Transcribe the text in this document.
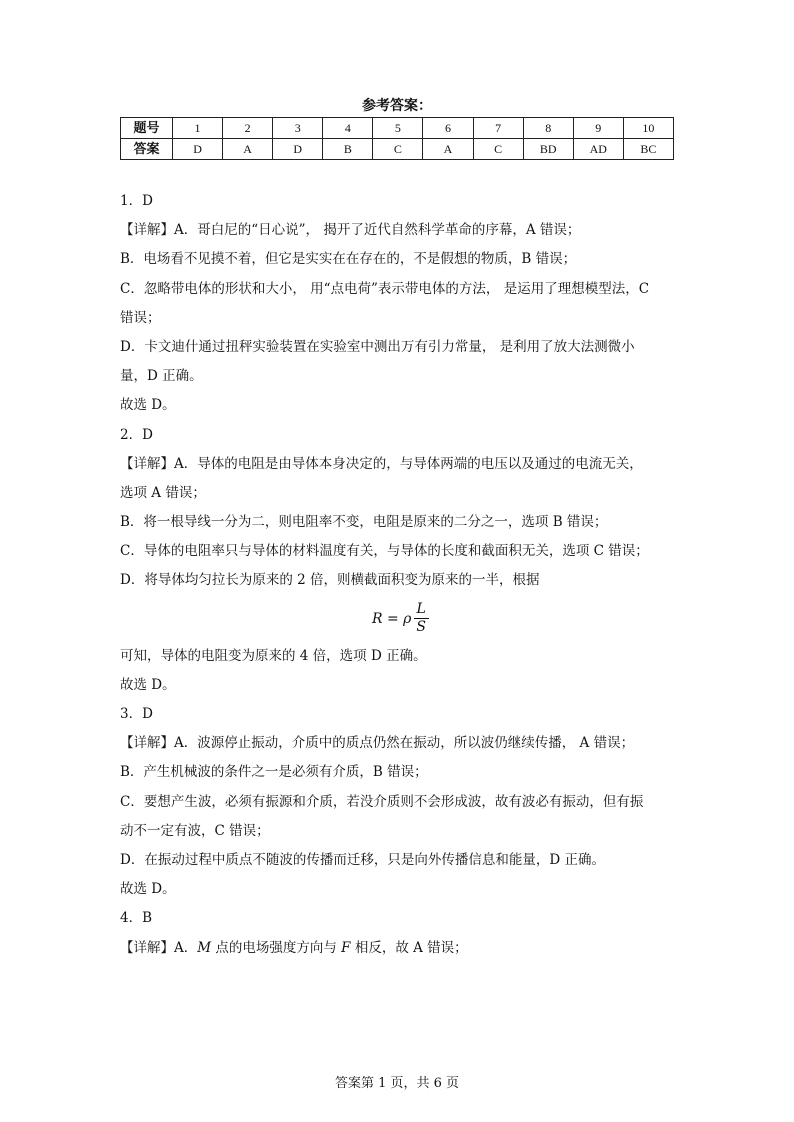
参考答案：
题号	1	2	3	4	5	6	7	8	9	10
答案	D	A	D	B	C	A	C	BD	AD	BC
1．D
【详解】A．哥白尼的“日心说”， 揭开了近代自然科学革命的序幕，A 错误；
B．电场看不见摸不着，但它是实实在在存在的，不是假想的物质，B 错误；
C．忽略带电体的形状和大小， 用“点电荷”表示带电体的方法， 是运用了理想模型法，C
错误；
D．卡文迪什通过扭秤实验装置在实验室中测出万有引力常量， 是利用了放大法测微小
量，D 正确。
故选 D。
2．D
【详解】A．导体的电阻是由导体本身决定的，与导体两端的电压以及通过的电流无关，
选项 A 错误；
B．将一根导线一分为二，则电阻率不变，电阻是原来的二分之一，选项 B 错误；
C．导体的电阻率只与导体的材料温度有关，与导体的长度和截面积无关，选项 C 错误；
D．将导体均匀拉长为原来的 2 倍，则横截面积变为原来的一半，根据
R = ρ $\frac{L}{S}$
可知，导体的电阻变为原来的 4 倍，选项 D 正确。
故选 D。
3．D
【详解】A．波源停止振动，介质中的质点仍然在振动，所以波仍继续传播， A 错误；
B．产生机械波的条件之一是必须有介质，B 错误；
C．要想产生波，必须有振源和介质，若没介质则不会形成波，故有波必有振动，但有振
动不一定有波，C 错误；
D．在振动过程中质点不随波的传播而迁移，只是向外传播信息和能量，D 正确。
故选 D。
4．B
【详解】A．M 点的电场强度方向与 F 相反，故 A 错误；
答案第 1 页，共 6 页
